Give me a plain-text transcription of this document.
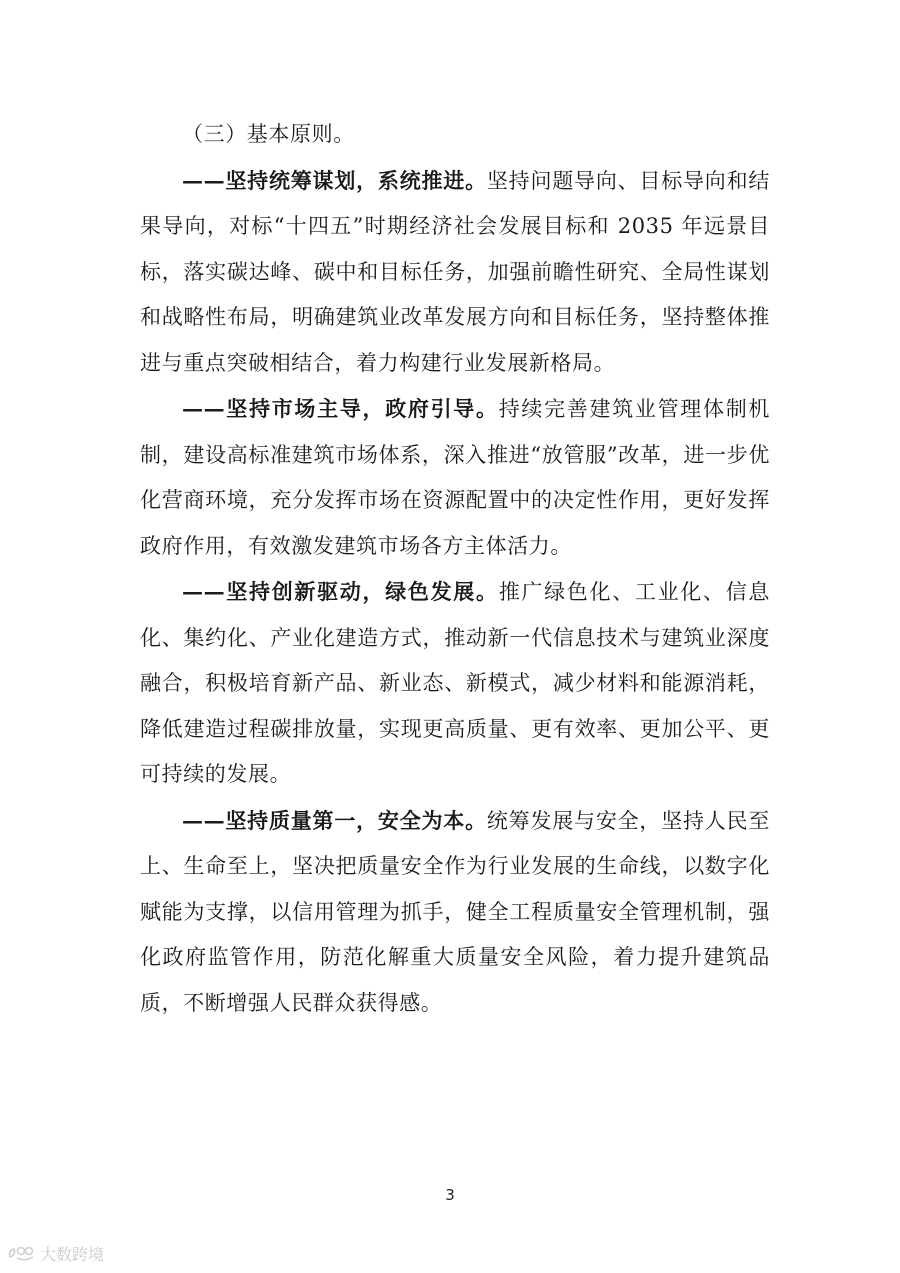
（三）基本原则。

——坚持统筹谋划，系统推进。坚持问题导向、目标导向和结果导向，对标“十四五”时期经济社会发展目标和 2035 年远景目标，落实碳达峰、碳中和目标任务，加强前瞻性研究、全局性谋划和战略性布局，明确建筑业改革发展方向和目标任务，坚持整体推进与重点突破相结合，着力构建行业发展新格局。

——坚持市场主导，政府引导。持续完善建筑业管理体制机制，建设高标准建筑市场体系，深入推进“放管服”改革，进一步优化营商环境，充分发挥市场在资源配置中的决定性作用，更好发挥政府作用，有效激发建筑市场各方主体活力。

——坚持创新驱动，绿色发展。推广绿色化、工业化、信息化、集约化、产业化建造方式，推动新一代信息技术与建筑业深度融合，积极培育新产品、新业态、新模式，减少材料和能源消耗，降低建造过程碳排放量，实现更高质量、更有效率、更加公平、更可持续的发展。

——坚持质量第一，安全为本。统筹发展与安全，坚持人民至上、生命至上，坚决把质量安全作为行业发展的生命线，以数字化赋能为支撑，以信用管理为抓手，健全工程质量安全管理机制，强化政府监管作用，防范化解重大质量安全风险，着力提升建筑品质，不断增强人民群众获得感。

3
大数跨境
